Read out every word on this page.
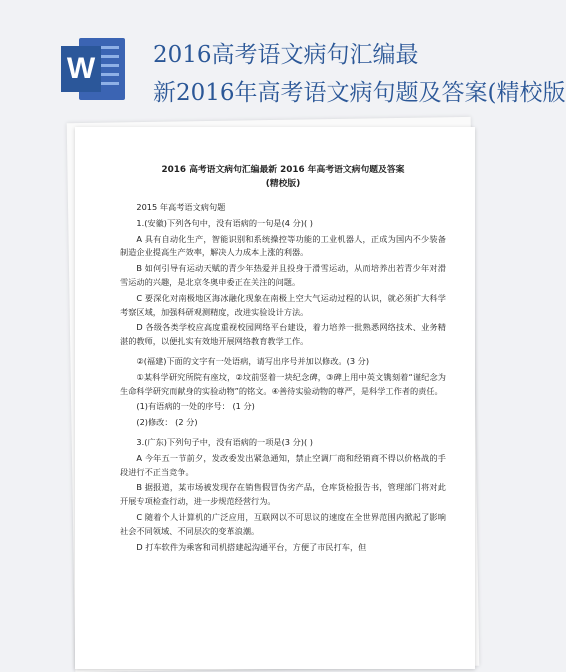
W	2016高考语文病句汇编最
新2016年高考语文病句题及答案(精校版
2016 高考语文病句汇编最新 2016 年高考语文病句题及答案
(精校版)

2015 年高考语文病句题

1.(安徽)下列各句中，没有语病的一句是(4 分)( )

A 具有自动化生产，智能识别和系统操控等功能的工业机器人，正成为国内不少装备制造企业提高生产效率，解决人力成本上涨的利器。

B 如何引导有运动天赋的青少年热爱并且投身于滑雪运动，从而培养出若青少年对滑雪运动的兴趣，是北京冬奥申委正在关注的问题。

C 要深化对南极地区海冰融化现象在南极上空大气运动过程的认识，就必须扩大科学考察区域，加强科研观测精度，改进实验设计方法。

D 各级各类学校应高度重视校园网络平台建设，着力培养一批熟悉网络技术、业务精湛的教师，以便扎实有效地开展网络教育教学工作。

②(福建)下面的文字有一处语病，请写出序号并加以修改。(3 分)

①某科学研究所院有座坟，②坟前竖着一块纪念碑，③碑上用中英文镌刻着“谨纪念为生命科学研究而献身的实验动物”的铭文。④善待实验动物的尊严，是科学工作者的责任。

(1)有语病的一处的序号： (1 分)

(2)修改： (2 分)

3.(广东)下列句子中，没有语病的一项是(3 分)( )

A 今年五一节前夕，发改委发出紧急通知，禁止空调厂商和经销商不得以价格战的手段进行不正当竞争。

B 据报道，某市场被发现存在销售假冒伪劣产品，仓库货检报告书，管理部门将对此开展专项检查行动，进一步规范经营行为。

C 随着个人计算机的广泛应用，互联网以不可思议的速度在全世界范围内掀起了影响社会不同领域、不同层次的变革浪潮。

D 打车软件为乘客和司机搭建起沟通平台，方便了市民打车，但
